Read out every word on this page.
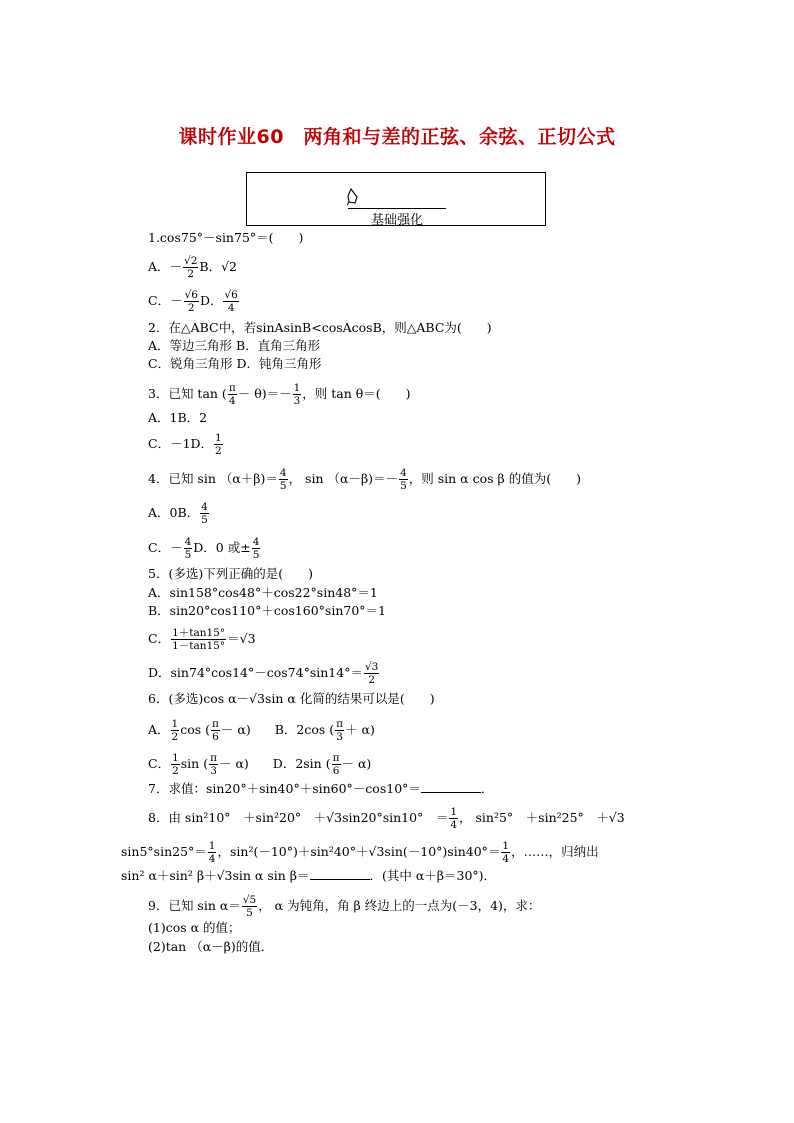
课时作业60　两角和与差的正弦、余弦、正切公式
基础强化
1.cos75°－sin75°＝(　　)
A．－ $\frac{√2}{2}$ B．√2
C．－ $\frac{√6}{2}$ D． $\frac{√6}{4}$
2．在△ABC中，若sinAsinB<cosAcosB，则△ABC为(　　)
A．等边三角形 B．直角三角形
C．锐角三角形 D．钝角三角形
3．已知 tan ( $\frac{\pi}{4} - \theta)=- \frac{1}{3}$ ，则 tan θ＝(　　)
A．1B．2
C．－1D． $\frac{1}{2}$
4．已知 $\sin (\alpha+\beta)= \frac{4}{5}$ ， $\sin (\alpha-\beta)=- \frac{4}{5}$ ，则 sin α cos β 的值为(　　)
A．0B． $\frac{4}{5}$
C．－ $\frac{4}{5}$ D．0 或± $\frac{4}{5}$
5．(多选)下列正确的是(　　)
A．sin158°cos48°＋cos22°sin48°＝1
B．sin20°cos110°＋cos160°sin70°＝1
C． $\frac{1+\tan 15^\circ}{1-\tan 15^\circ} =√3$
D．$\sin 74^\circ\cos 14^\circ-\cos 74^\circ\sin 14^\circ= \frac{√3}{2}$
6．(多选)cos α－√3sin α 化简的结果可以是(　　)
A． $\frac{1}{2}$ cos ( $\frac{\pi}{6} - \alpha$) B．2cos ( $\frac{\pi}{3} + \alpha$)
C． $\frac{1}{2}$ sin ( $\frac{\pi}{3} - \alpha$) D．2sin ( $\frac{\pi}{6} - \alpha$)
7．求值：sin20°＋sin40°＋sin60°－cos10°＝	．
8．由 sin²10°　＋sin²20°　＋√3sin20°sin10°　＝ $\frac{1}{4}$ ， sin²5°　＋sin²25°　＋√3
$\sin 5^\circ\sin 25^\circ= \frac{1}{4}$ ，$\sin^2(-10^\circ)+\sin^240^\circ+√3\sin(-10^\circ)\sin 40^\circ= \frac{1}{4}$ ，……，归纳出
sin² α＋sin² β＋√3sin α sin β＝	．(其中 α＋β＝30°)．
9．已知 $\sin \alpha= \frac{√5}{5}$ ， α 为钝角，角 β 终边上的一点为(－3，4)，求：
(1)cos α 的值；
(2)tan （α－β)的值．
